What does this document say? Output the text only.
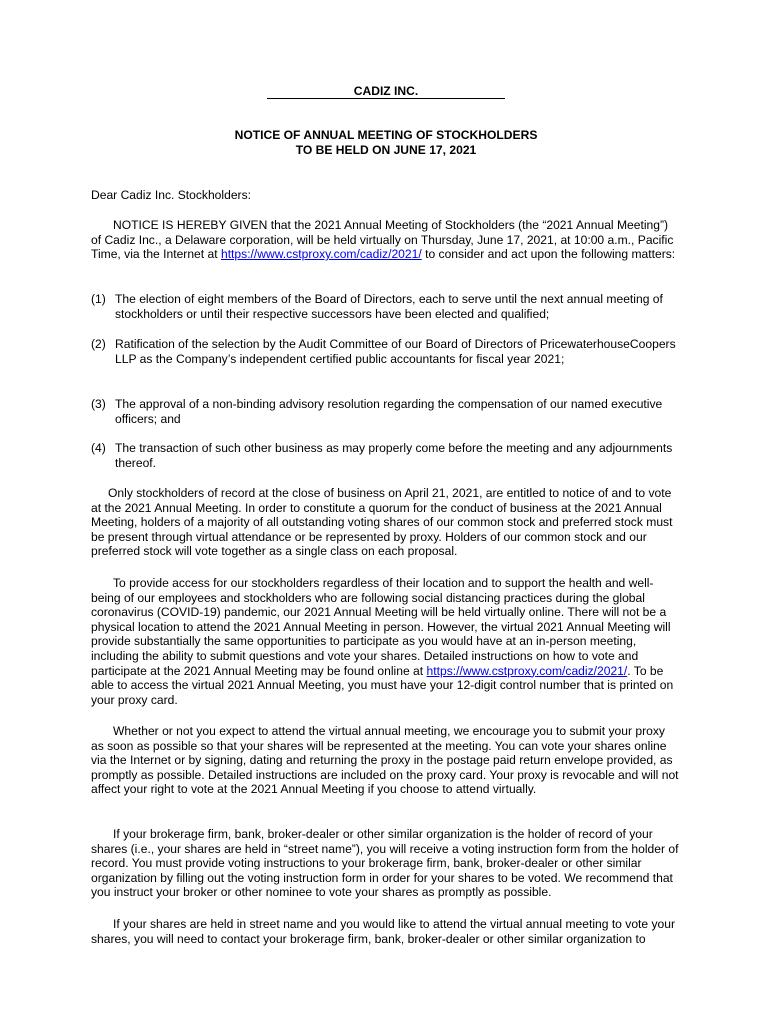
CADIZ INC.
NOTICE OF ANNUAL MEETING OF STOCKHOLDERS
TO BE HELD ON JUNE 17, 2021
Dear Cadiz Inc. Stockholders:
NOTICE IS HEREBY GIVEN that the 2021 Annual Meeting of Stockholders (the “2021 Annual Meeting”) of Cadiz Inc., a Delaware corporation, will be held virtually on Thursday, June 17, 2021, at 10:00 a.m., Pacific Time, via the Internet at https://www.cstproxy.com/cadiz/2021/ to consider and act upon the following matters:
(1) The election of eight members of the Board of Directors, each to serve until the next annual meeting of stockholders or until their respective successors have been elected and qualified;
(2) Ratification of the selection by the Audit Committee of our Board of Directors of PricewaterhouseCoopers LLP as the Company’s independent certified public accountants for fiscal year 2021;
(3) The approval of a non-binding advisory resolution regarding the compensation of our named executive officers; and
(4) The transaction of such other business as may properly come before the meeting and any adjournments thereof.
Only stockholders of record at the close of business on April 21, 2021, are entitled to notice of and to vote at the 2021 Annual Meeting. In order to constitute a quorum for the conduct of business at the 2021 Annual Meeting, holders of a majority of all outstanding voting shares of our common stock and preferred stock must be present through virtual attendance or be represented by proxy. Holders of our common stock and our preferred stock will vote together as a single class on each proposal.
To provide access for our stockholders regardless of their location and to support the health and well-being of our employees and stockholders who are following social distancing practices during the global coronavirus (COVID-19) pandemic, our 2021 Annual Meeting will be held virtually online. There will not be a physical location to attend the 2021 Annual Meeting in person. However, the virtual 2021 Annual Meeting will provide substantially the same opportunities to participate as you would have at an in-person meeting, including the ability to submit questions and vote your shares. Detailed instructions on how to vote and participate at the 2021 Annual Meeting may be found online at https://www.cstproxy.com/cadiz/2021/. To be able to access the virtual 2021 Annual Meeting, you must have your 12-digit control number that is printed on your proxy card.
Whether or not you expect to attend the virtual annual meeting, we encourage you to submit your proxy as soon as possible so that your shares will be represented at the meeting. You can vote your shares online via the Internet or by signing, dating and returning the proxy in the postage paid return envelope provided, as promptly as possible. Detailed instructions are included on the proxy card. Your proxy is revocable and will not affect your right to vote at the 2021 Annual Meeting if you choose to attend virtually.
If your brokerage firm, bank, broker-dealer or other similar organization is the holder of record of your shares (i.e., your shares are held in “street name”), you will receive a voting instruction form from the holder of record. You must provide voting instructions to your brokerage firm, bank, broker-dealer or other similar organization by filling out the voting instruction form in order for your shares to be voted. We recommend that you instruct your broker or other nominee to vote your shares as promptly as possible.
If your shares are held in street name and you would like to attend the virtual annual meeting to vote your shares, you will need to contact your brokerage firm, bank, broker-dealer or other similar organization to
